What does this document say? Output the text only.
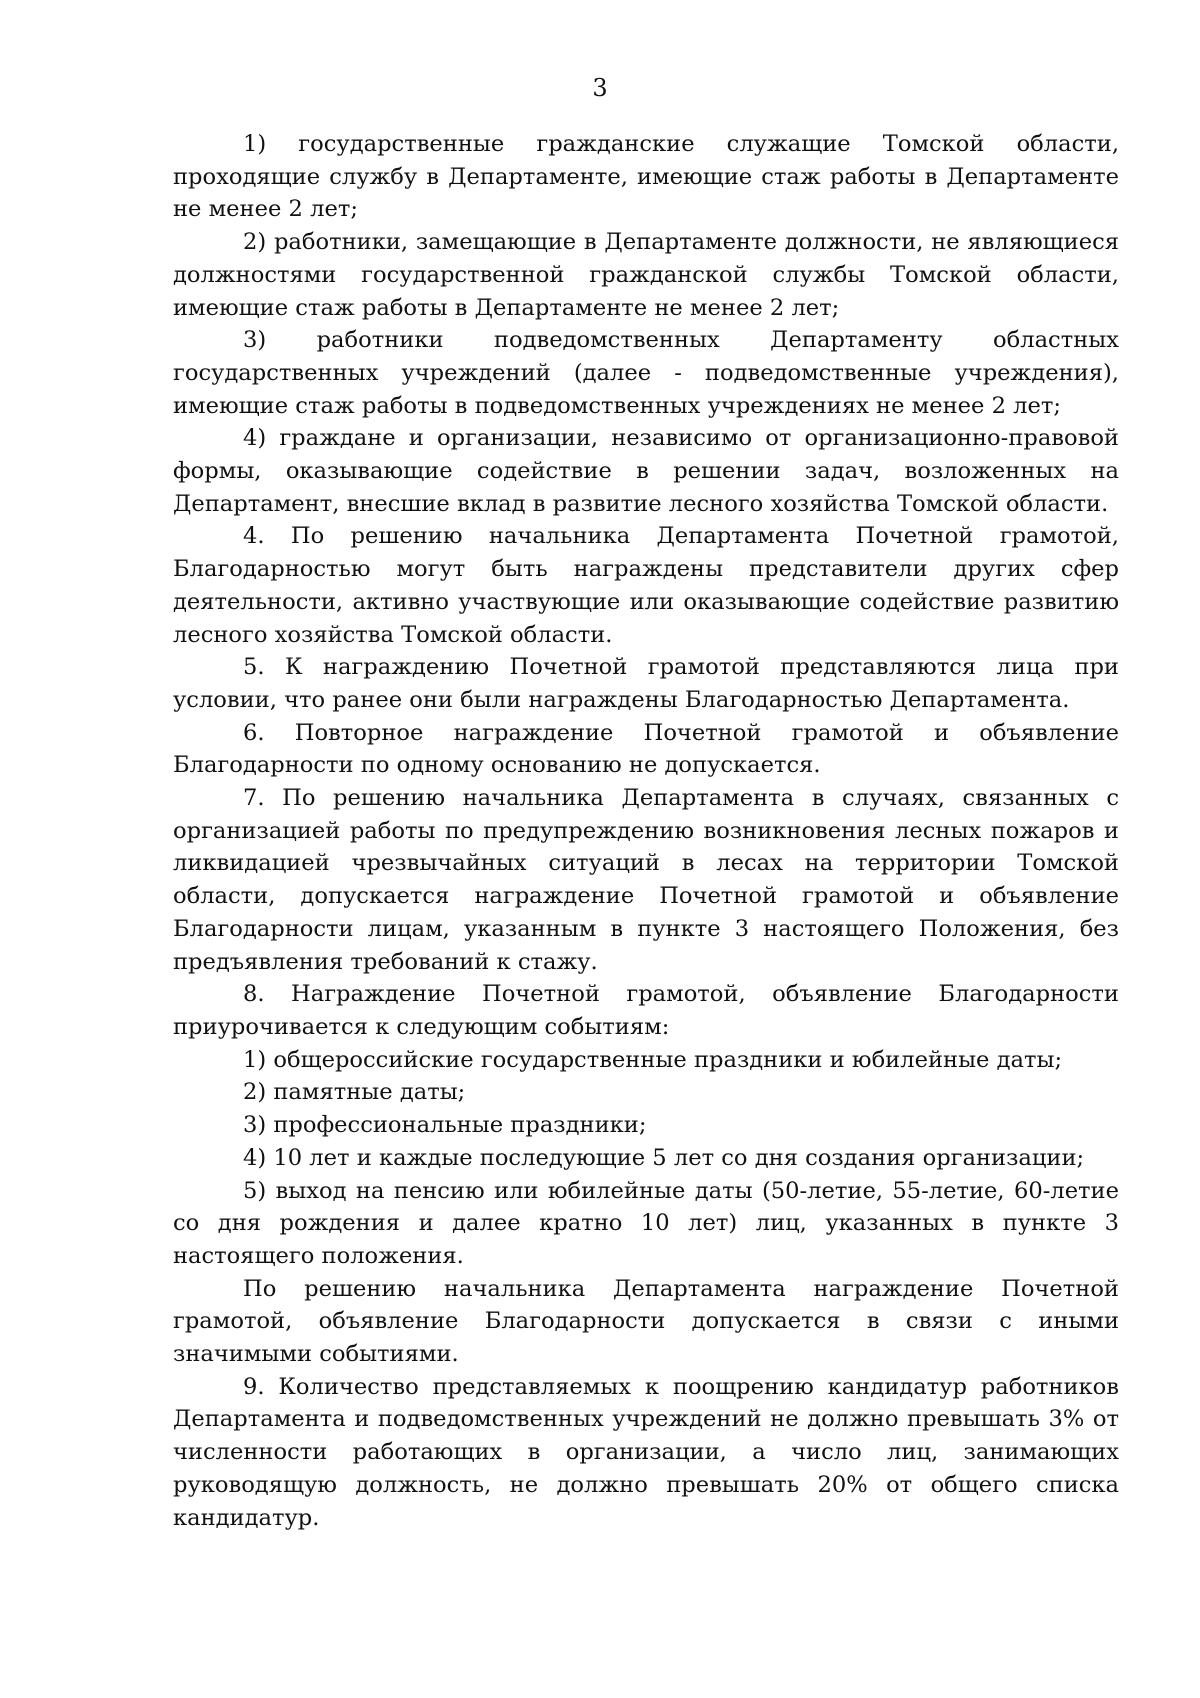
3

1) государственные гражданские служащие Томской области, проходящие службу в Департаменте, имеющие стаж работы в Департаменте не менее 2 лет;

2) работники, замещающие в Департаменте должности, не являющиеся должностями государственной гражданской службы Томской области, имеющие стаж работы в Департаменте не менее 2 лет;

3) работники подведомственных Департаменту областных государственных учреждений (далее - подведомственные учреждения), имеющие стаж работы в подведомственных учреждениях не менее 2 лет;

4) граждане и организации, независимо от организационно-правовой формы, оказывающие содействие в решении задач, возложенных на Департамент, внесшие вклад в развитие лесного хозяйства Томской области.

4. По решению начальника Департамента Почетной грамотой, Благодарностью могут быть награждены представители других сфер деятельности, активно участвующие или оказывающие содействие развитию лесного хозяйства Томской области.

5. К награждению Почетной грамотой представляются лица при условии, что ранее они были награждены Благодарностью Департамента.

6. Повторное награждение Почетной грамотой и объявление Благодарности по одному основанию не допускается.

7. По решению начальника Департамента в случаях, связанных с организацией работы по предупреждению возникновения лесных пожаров и ликвидацией чрезвычайных ситуаций в лесах на территории Томской области, допускается награждение Почетной грамотой и объявление Благодарности лицам, указанным в пункте 3 настоящего Положения, без предъявления требований к стажу.

8. Награждение Почетной грамотой, объявление Благодарности приурочивается к следующим событиям:

1) общероссийские государственные праздники и юбилейные даты;

2) памятные даты;

3) профессиональные праздники;

4) 10 лет и каждые последующие 5 лет со дня создания организации;

5) выход на пенсию или юбилейные даты (50-летие, 55-летие, 60-летие со дня рождения и далее кратно 10 лет) лиц, указанных в пункте 3 настоящего положения.

По решению начальника Департамента награждение Почетной грамотой, объявление Благодарности допускается в связи с иными значимыми событиями.

9. Количество представляемых к поощрению кандидатур работников Департамента и подведомственных учреждений не должно превышать 3% от численности работающих в организации, а число лиц, занимающих руководящую должность, не должно превышать 20% от общего списка кандидатур.
